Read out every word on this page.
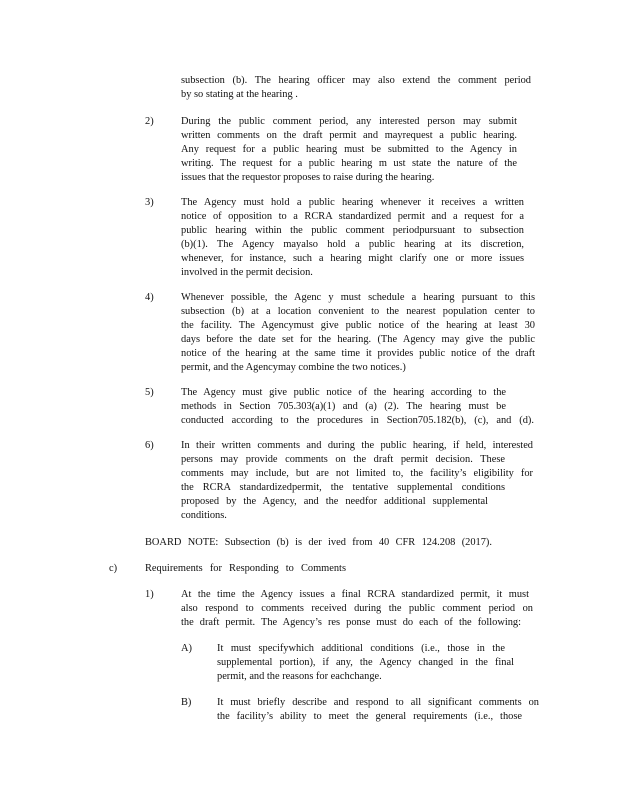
subsection (b). The hearing officer may also extend the comment period
by so stating at the hearing .
2)	During the public comment period, any interested person may submit
written comments on the draft permit and mayrequest a public hearing.
Any request for a public hearing must be submitted to the Agency in
writing. The request for a public hearing m ust state the nature of the
issues that the requestor proposes to raise during the hearing.
3)	The Agency must hold a public hearing whenever it receives a written
notice of opposition to a RCRA standardized permit and a request for a
public hearing within the public comment periodpursuant to subsection
(b)(1). The Agency mayalso hold a public hearing at its discretion,
whenever, for instance, such a hearing might clarify one or more issues
involved in the permit decision.
4)	Whenever possible, the Agenc y must schedule a hearing pursuant to this
subsection (b) at a location convenient to the nearest population center to
the facility. The Agencymust give public notice of the hearing at least 30
days before the date set for the hearing. (The Agency may give the public
notice of the hearing at the same time it provides public notice of the draft
permit, and the Agencymay combine the two notices.)
5)	The Agency must give public notice of the hearing according to the
methods in Section 705.303(a)(1) and (a) (2). The hearing must be
conducted according to the procedures in Section705.182(b), (c), and (d).
6)	In their written comments and during the public hearing, if held, interested
persons may provide comments on the draft permit decision. These
comments may include, but are not limited to, the facility’s eligibility for
the RCRA standardizedpermit, the tentative supplemental conditions
proposed by the Agency, and the needfor additional supplemental
conditions.
BOARD NOTE: Subsection (b) is der ived from 40 CFR 124.208 (2017).
c)	Requirements for Responding to Comments
1)	At the time the Agency issues a final RCRA standardized permit, it must
also respond to comments received during the public comment period on
the draft permit. The Agency’s res ponse must do each of the following:
A) It must specifywhich additional conditions (i.e., those in the
supplemental portion), if any, the Agency changed in the final
permit, and the reasons for eachchange.
B) It must briefly describe and respond to all significant comments on
the facility’s ability to meet the general requirements (i.e., those
